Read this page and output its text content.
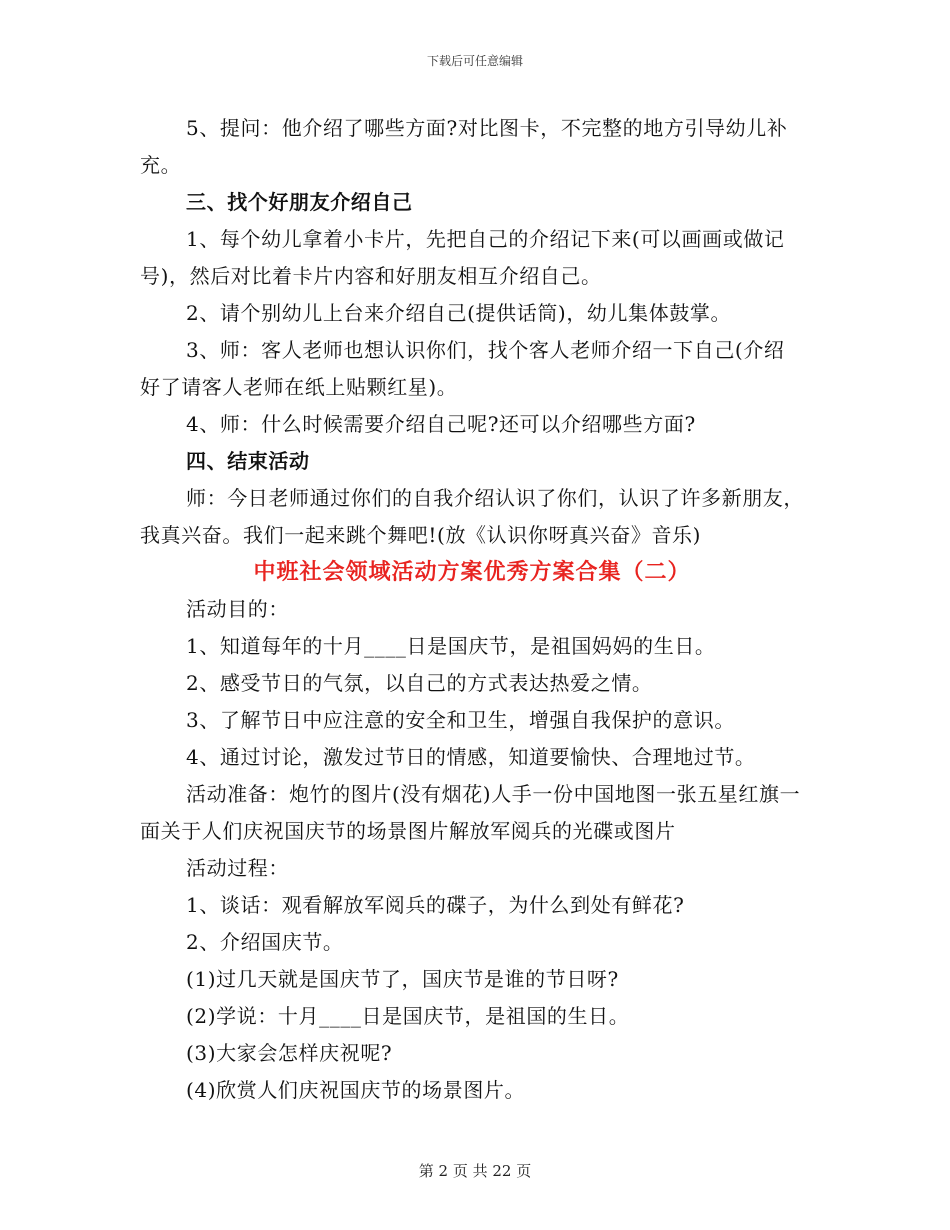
下载后可任意编辑

5、提问：他介绍了哪些方面?对比图卡，不完整的地方引导幼儿补充。

三、找个好朋友介绍自己

1、每个幼儿拿着小卡片，先把自己的介绍记下来(可以画画或做记号)，然后对比着卡片内容和好朋友相互介绍自己。

2、请个别幼儿上台来介绍自己(提供话筒)，幼儿集体鼓掌。

3、师：客人老师也想认识你们，找个客人老师介绍一下自己(介绍好了请客人老师在纸上贴颗红星)。

4、师：什么时候需要介绍自己呢?还可以介绍哪些方面?

四、结束活动

师：今日老师通过你们的自我介绍认识了你们，认识了许多新朋友，我真兴奋。我们一起来跳个舞吧!(放《认识你呀真兴奋》音乐)

中班社会领域活动方案优秀方案合集（二）

活动目的：

1、知道每年的十月____日是国庆节，是祖国妈妈的生日。

2、感受节日的气氛，以自己的方式表达热爱之情。

3、了解节日中应注意的安全和卫生，增强自我保护的意识。

4、通过讨论，激发过节日的情感，知道要愉快、合理地过节。

活动准备：炮竹的图片(没有烟花)人手一份中国地图一张五星红旗一面关于人们庆祝国庆节的场景图片解放军阅兵的光碟或图片

活动过程：

1、谈话：观看解放军阅兵的碟子，为什么到处有鲜花?

2、介绍国庆节。

(1)过几天就是国庆节了，国庆节是谁的节日呀?

(2)学说：十月____日是国庆节，是祖国的生日。

(3)大家会怎样庆祝呢?

(4)欣赏人们庆祝国庆节的场景图片。

第 2 页 共 22 页
